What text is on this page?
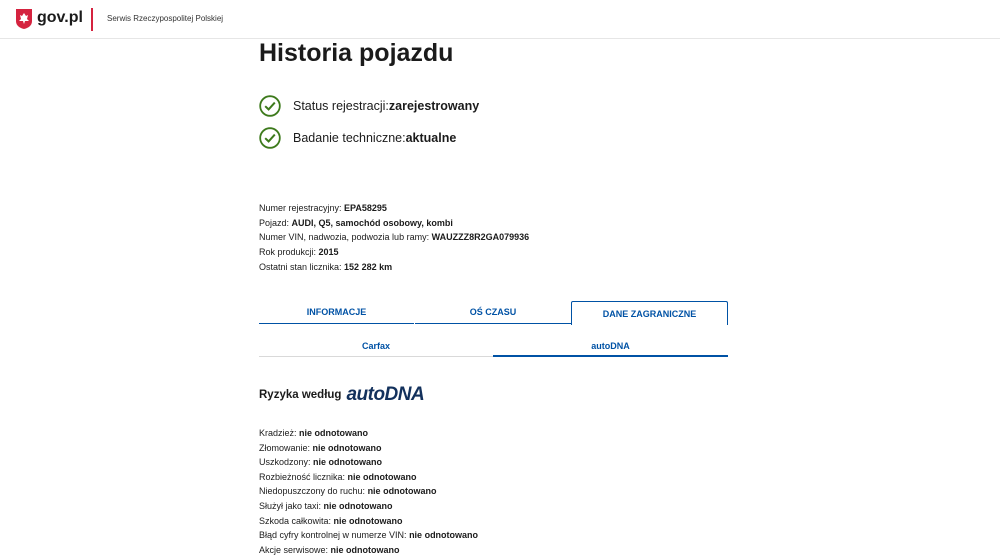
gov.pl	Serwis Rzeczypospolitej Polskiej
Historia pojazdu
Status rejestracji: zarejestrowany
Badanie techniczne: aktualne
Numer rejestracyjny: EPA58295
Pojazd: AUDI, Q5, samochód osobowy, kombi
Numer VIN, nadwozia, podwozia lub ramy: WAUZZZ8R2GA079936
Rok produkcji: 2015
Ostatni stan licznika: 152 282 km
INFORMACJE	OŚ CZASU	DANE ZAGRANICZNE
Carfax	autoDNA
Ryzyka według autoDNA
Kradzież: nie odnotowano
Złomowanie: nie odnotowano
Uszkodzony: nie odnotowano
Rozbieżność licznika: nie odnotowano
Niedopuszczony do ruchu: nie odnotowano
Służył jako taxi: nie odnotowano
Szkoda całkowita: nie odnotowano
Błąd cyfry kontrolnej w numerze VIN: nie odnotowano
Akcje serwisowe: nie odnotowano
